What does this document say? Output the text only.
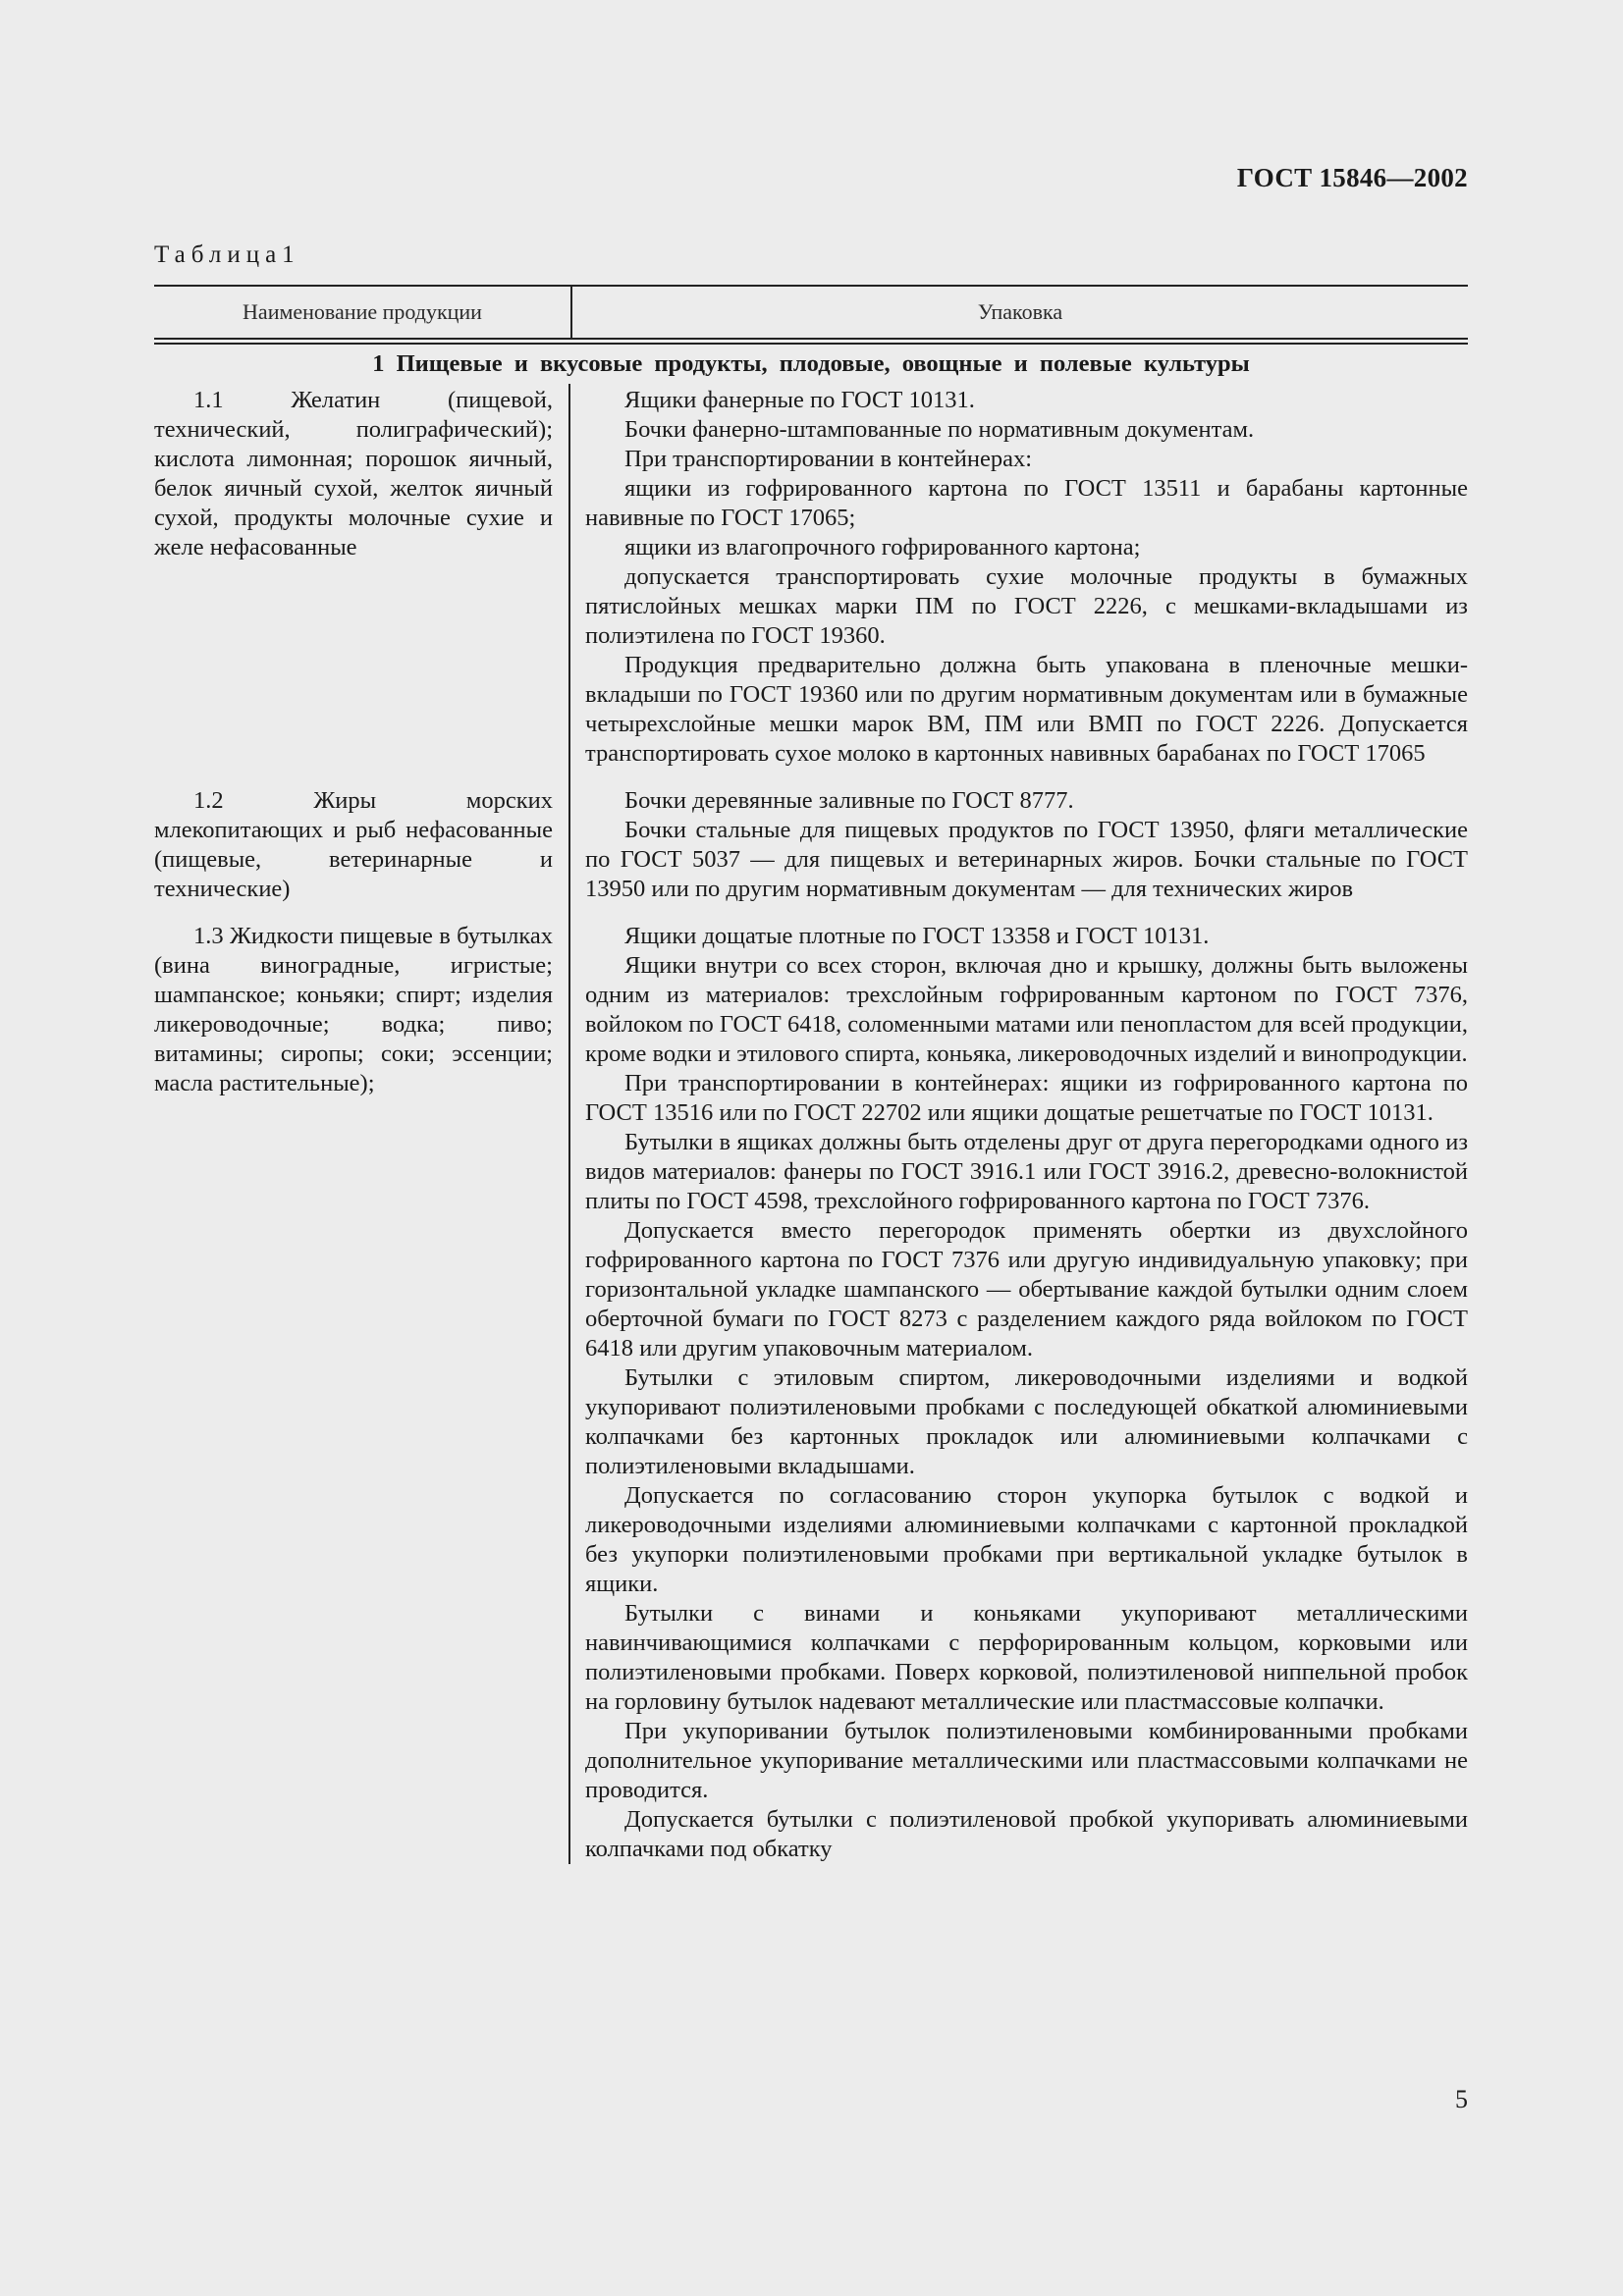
ГОСТ 15846—2002
Таблица1
Наименование продукции	Упаковка
1 Пищевые и вкусовые продукты, плодовые, овощные и полевые культуры

1.1 Желатин (пищевой, технический, полиграфический); кислота лимонная; порошок яичный, белок яичный сухой, желток яичный сухой, продукты молочные сухие и желе нефасованные

Ящики фанерные по ГОСТ 10131.

Бочки фанерно-штампованные по нормативным документам.

При транспортировании в контейнерах:

ящики из гофрированного картона по ГОСТ 13511 и барабаны картонные навивные по ГОСТ 17065;

ящики из влагопрочного гофрированного картона;

допускается транспортировать сухие молочные продукты в бумажных пятислойных мешках марки ПМ по ГОСТ 2226, с мешками-вкладышами из полиэтилена по ГОСТ 19360.

Продукция предварительно должна быть упакована в пленочные мешки-вкладыши по ГОСТ 19360 или по другим нормативным документам или в бумажные четырехслойные мешки марок ВМ, ПМ или ВМП по ГОСТ 2226. Допускается транспортировать сухое молоко в картонных навивных барабанах по ГОСТ 17065

1.2 Жиры морских млекопитающих и рыб нефасованные (пищевые, ветеринарные и технические)

Бочки деревянные заливные по ГОСТ 8777.

Бочки стальные для пищевых продуктов по ГОСТ 13950, фляги металлические по ГОСТ 5037 — для пищевых и ветеринарных жиров. Бочки стальные по ГОСТ 13950 или по другим нормативным документам — для технических жиров

1.3 Жидкости пищевые в бутылках (вина виноградные, игристые; шампанское; коньяки; спирт; изделия ликероводочные; водка; пиво; витамины; сиропы; соки; эссенции; масла растительные);

Ящики дощатые плотные по ГОСТ 13358 и ГОСТ 10131.

Ящики внутри со всех сторон, включая дно и крышку, должны быть выложены одним из материалов: трехслойным гофрированным картоном по ГОСТ 7376, войлоком по ГОСТ 6418, соломенными матами или пенопластом для всей продукции, кроме водки и этилового спирта, коньяка, ликероводочных изделий и винопродукции.

При транспортировании в контейнерах: ящики из гофрированного картона по ГОСТ 13516 или по ГОСТ 22702 или ящики дощатые решетчатые по ГОСТ 10131.

Бутылки в ящиках должны быть отделены друг от друга перегородками одного из видов материалов: фанеры по ГОСТ 3916.1 или ГОСТ 3916.2, древесно-волокнистой плиты по ГОСТ 4598, трехслойного гофрированного картона по ГОСТ 7376.

Допускается вместо перегородок применять обертки из двухслойного гофрированного картона по ГОСТ 7376 или другую индивидуальную упаковку; при горизонтальной укладке шампанского — обертывание каждой бутылки одним слоем оберточной бумаги по ГОСТ 8273 с разделением каждого ряда войлоком по ГОСТ 6418 или другим упаковочным материалом.

Бутылки с этиловым спиртом, ликероводочными изделиями и водкой укупоривают полиэтиленовыми пробками с последующей обкаткой алюминиевыми колпачками без картонных прокладок или алюминиевыми колпачками с полиэтиленовыми вкладышами.

Допускается по согласованию сторон укупорка бутылок с водкой и ликероводочными изделиями алюминиевыми колпачками с картонной прокладкой без укупорки полиэтиленовыми пробками при вертикальной укладке бутылок в ящики.

Бутылки с винами и коньяками укупоривают металлическими навинчивающимися колпачками с перфорированным кольцом, корковыми или полиэтиленовыми пробками. Поверх корковой, полиэтиленовой ниппельной пробок на горловину бутылок надевают металлические или пластмассовые колпачки.

При укупоривании бутылок полиэтиленовыми комбинированными пробками дополнительное укупоривание металлическими или пластмассовыми колпачками не проводится.

Допускается бутылки с полиэтиленовой пробкой укупоривать алюминиевыми колпачками под обкатку

5
